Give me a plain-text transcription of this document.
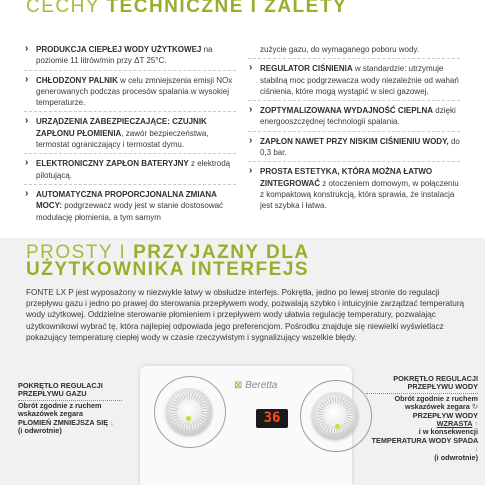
CECHY TECHNICZNE I ZALETY
› PRODUKCJA CIEPŁEJ WODY UŻYTKOWEJ na poziomie 11 litrów/min przy ΔT 25°C.
› CHŁODZONY PALNIK w celu zmniejszenia emisji NOx generowanych podczas procesów spalania w wysokiej temperaturze.
› URZĄDZENIA ZABEZPIECZAJĄCE: CZUJNIK ZAPŁONU PŁOMIENIA, zawór bezpieczeństwa, termostat ograniczający i termostat dymu.
› ELEKTRONICZNY ZAPŁON BATERYJNY z elektrodą pilotującą.
› AUTOMATYCZNA PROPORCJONALNA ZMIANA MOCY: podgrzewacz wody jest w stanie dostosować modulację płomienia, a tym samym
zużycie gazu, do wymaganego poboru wody.
› REGULATOR CIŚNIENIA w standardzie: utrzymuje stabilną moc podgrzewacza wody niezależnie od wahań ciśnienia, które mogą wystąpić w sieci gazowej.
› ZOPTYMALIZOWANA WYDAJNOŚĆ CIEPLNA dzięki energooszczędnej technologii spalania.
› ZAPŁON NAWET PRZY NISKIM CIŚNIENIU WODY, do 0,3 bar.
› PROSTA ESTETYKA, KTÓRA MOŻNA ŁATWO ZINTEGROWAĆ z otoczeniem domowym, w połączeniu z kompaktową konstrukcją, która sprawia, że instalacja jest szybka i łatwa.
PROSTY I PRZYJAZNY DLA
UŻYTKOWNIKA INTERFEJS
FONTE LX P jest wyposażony w niezwykle łatwy w obsłudze interfejs. Pokrętła, jedno po lewej stronie do regulacji przepływu gazu i jedno po prawej do sterowania przepływem wody, pozwalają szybko i intuicyjnie zarządzać temperaturą wody użytkowej. Oddzielne sterowanie płomieniem i przepływem wody ułatwia regulację temperatury, pozwalając użytkownikowi wybrać tę, która najlepiej odpowiada jego preferencjom. Pośrodku znajduje się niewielki wyświetlacz pokazujący temperaturę ciepłej wody w czasie rzeczywistym i sygnalizujący wszelkie błędy.
POKRĘTŁO REGULACJI PRZEPŁYWU GAZU
Obrót zgodnie z ruchem wskazówek zegara
PŁOMIEŃ ZMNIEJSZA SIĘ ↓
(i odwrotnie)
POKRĘTŁO REGULACJI PRZEPŁYWU WODY
Obrót zgodnie z ruchem wskazówek zegara ↻
PRZEPŁYW WODY
WZRASTA ↑
i w konsekwencji
TEMPERATURA WODY SPADA ↓
(i odwrotnie)
⊠ Beretta
36
